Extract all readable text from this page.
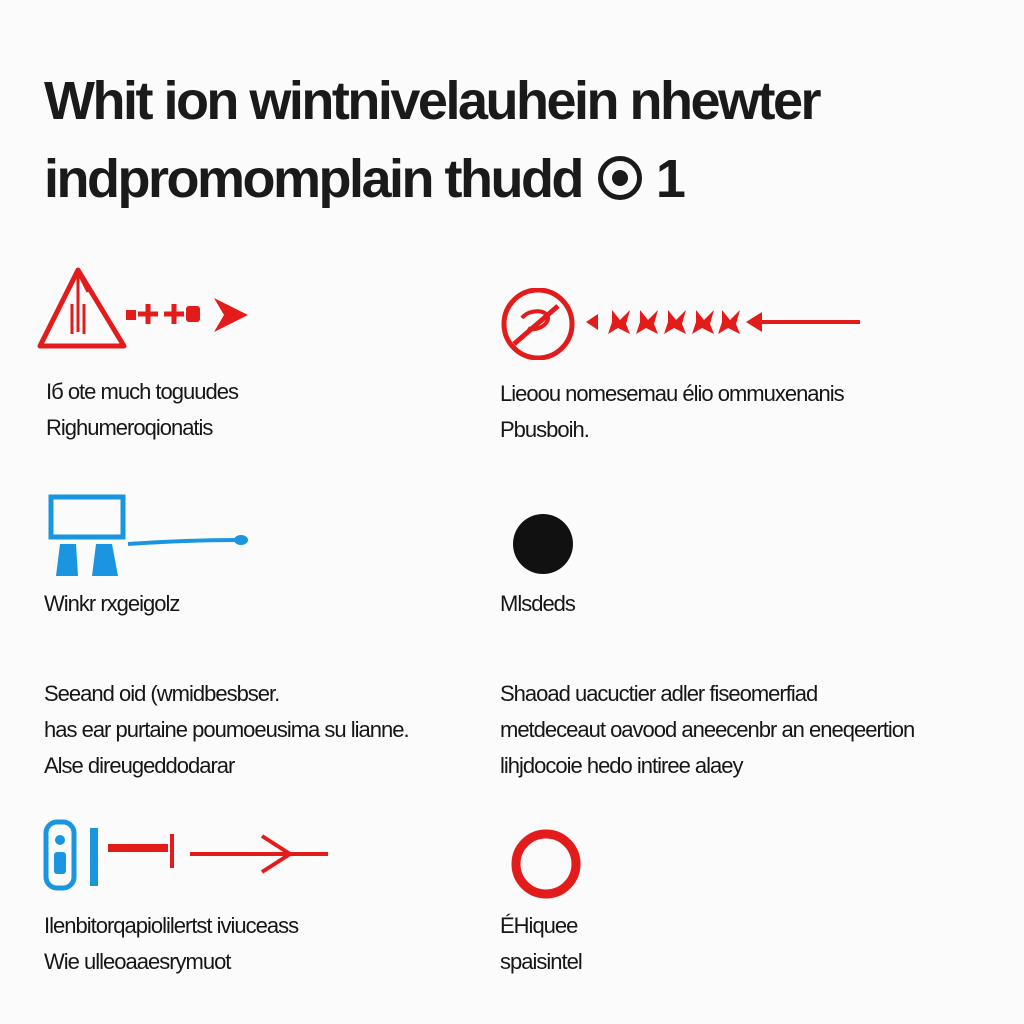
Whit ion wintnivelauhein nhewter
indpromomplain thudd 1
Iб ote much toguudes
Righumeroqionatis
Lieoou nomesemau élio ommuxenanis
Pbusboih.
Winkr rxgeigolz	Mlsdeds
Seeand oid (wmidbesbser.
has ear purtaine poumoeusima su lianne.
Alse direugeddodarar
Shaoad uacuctier adler fiseomerfiad
metdeceaut oavood aneecenbr an eneqeertion
lihjdocoie hedo intiree alaey
Ilenbitorqapiolilertst iviuceass
Wie ulleoaaesrymuot
ÉHiquee
spaisintel
